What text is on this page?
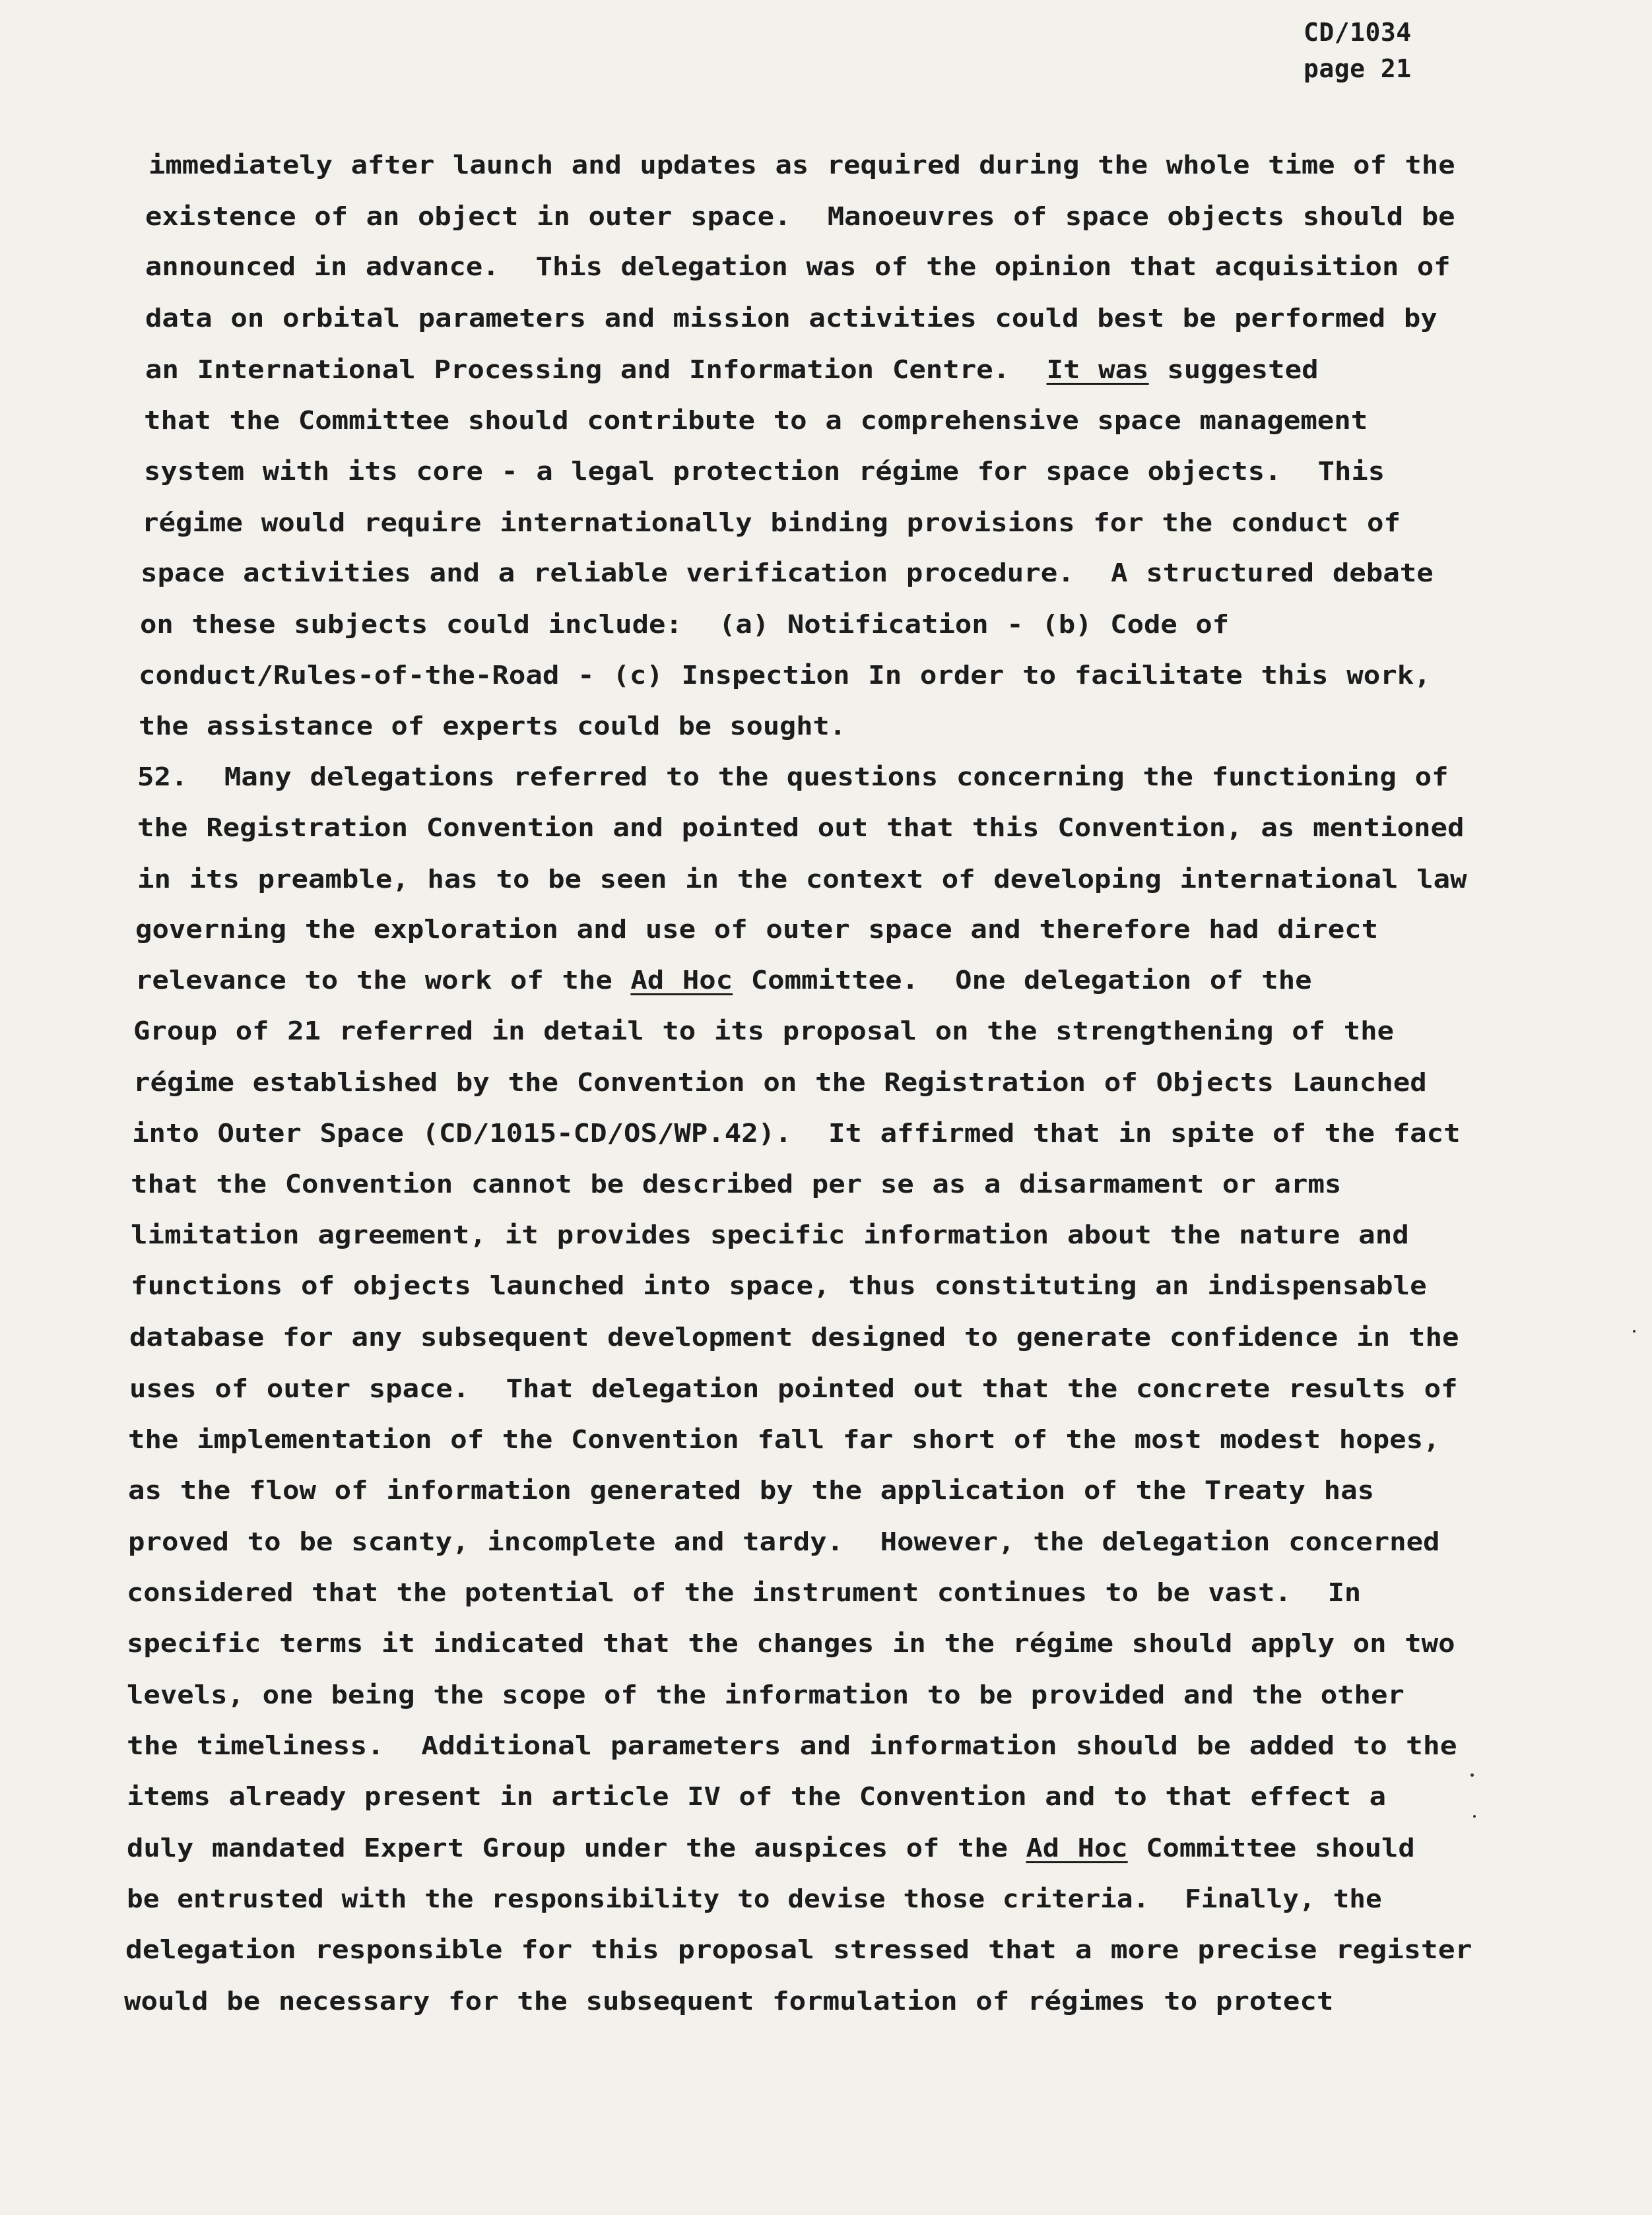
CD/1034
page 21
immediately after launch and updates as required during the whole time of the
existence of an object in outer space.  Manoeuvres of space objects should be
announced in advance.  This delegation was of the opinion that acquisition of
data on orbital parameters and mission activities could best be performed by
an International Processing and Information Centre.  It was suggested
that the Committee should contribute to a comprehensive space management
system with its core - a legal protection régime for space objects.  This
régime would require internationally binding provisions for the conduct of
space activities and a reliable verification procedure.  A structured debate
on these subjects could include:  (a) Notification - (b) Code of
conduct/Rules-of-the-Road - (c) Inspection In order to facilitate this work,
the assistance of experts could be sought.
52.  Many delegations referred to the questions concerning the functioning of
the Registration Convention and pointed out that this Convention, as mentioned
in its preamble, has to be seen in the context of developing international law
governing the exploration and use of outer space and therefore had direct
relevance to the work of the Ad Hoc Committee.  One delegation of the
Group of 21 referred in detail to its proposal on the strengthening of the
régime established by the Convention on the Registration of Objects Launched
into Outer Space (CD/1015-CD/OS/WP.42).  It affirmed that in spite of the fact
that the Convention cannot be described per se as a disarmament or arms
limitation agreement, it provides specific information about the nature and
functions of objects launched into space, thus constituting an indispensable
database for any subsequent development designed to generate confidence in the
uses of outer space.  That delegation pointed out that the concrete results of
the implementation of the Convention fall far short of the most modest hopes,
as the flow of information generated by the application of the Treaty has
proved to be scanty, incomplete and tardy.  However, the delegation concerned
considered that the potential of the instrument continues to be vast.  In
specific terms it indicated that the changes in the régime should apply on two
levels, one being the scope of the information to be provided and the other
the timeliness.  Additional parameters and information should be added to the
items already present in article IV of the Convention and to that effect a
duly mandated Expert Group under the auspices of the Ad Hoc Committee should
be entrusted with the responsibility to devise those criteria.  Finally, the
delegation responsible for this proposal stressed that a more precise register
would be necessary for the subsequent formulation of régimes to protect
